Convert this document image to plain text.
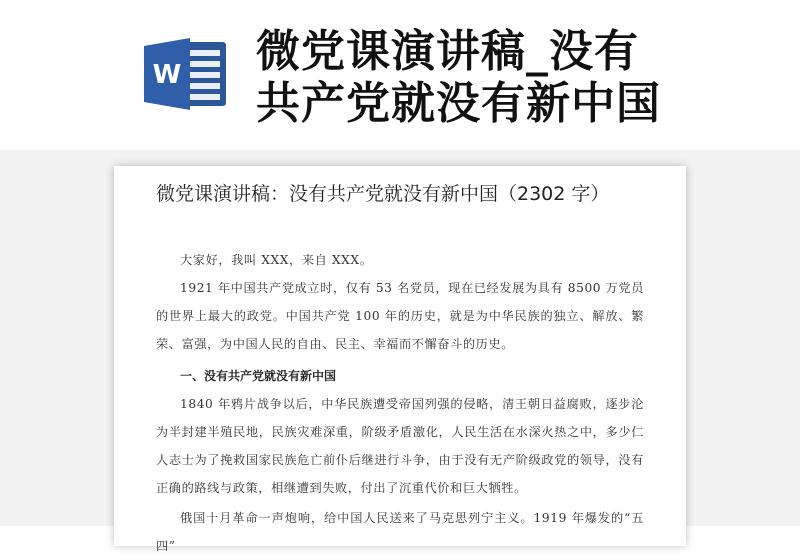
W 微党课演讲稿_没有
共产党就没有新中国
微党课演讲稿：没有共产党就没有新中国（2302 字）

大家好，我叫 XXX，来自 XXX。

1921 年中国共产党成立时，仅有 53 名党员，现在已经发展为具有 8500 万党员的世界上最大的政党。中国共产党 100 年的历史，就是为中华民族的独立、解放、繁荣、富强，为中国人民的自由、民主、幸福而不懈奋斗的历史。

一、没有共产党就没有新中国

1840 年鸦片战争以后，中华民族遭受帝国列强的侵略，清王朝日益腐败，逐步沦为半封建半殖民地，民族灾难深重，阶级矛盾激化，人民生活在水深火热之中，多少仁人志士为了挽救国家民族危亡前仆后继进行斗争，由于没有无产阶级政党的领导，没有正确的路线与政策，相继遭到失败，付出了沉重代价和巨大牺牲。

俄国十月革命一声炮响，给中国人民送来了马克思列宁主义。1919 年爆发的“五四”
